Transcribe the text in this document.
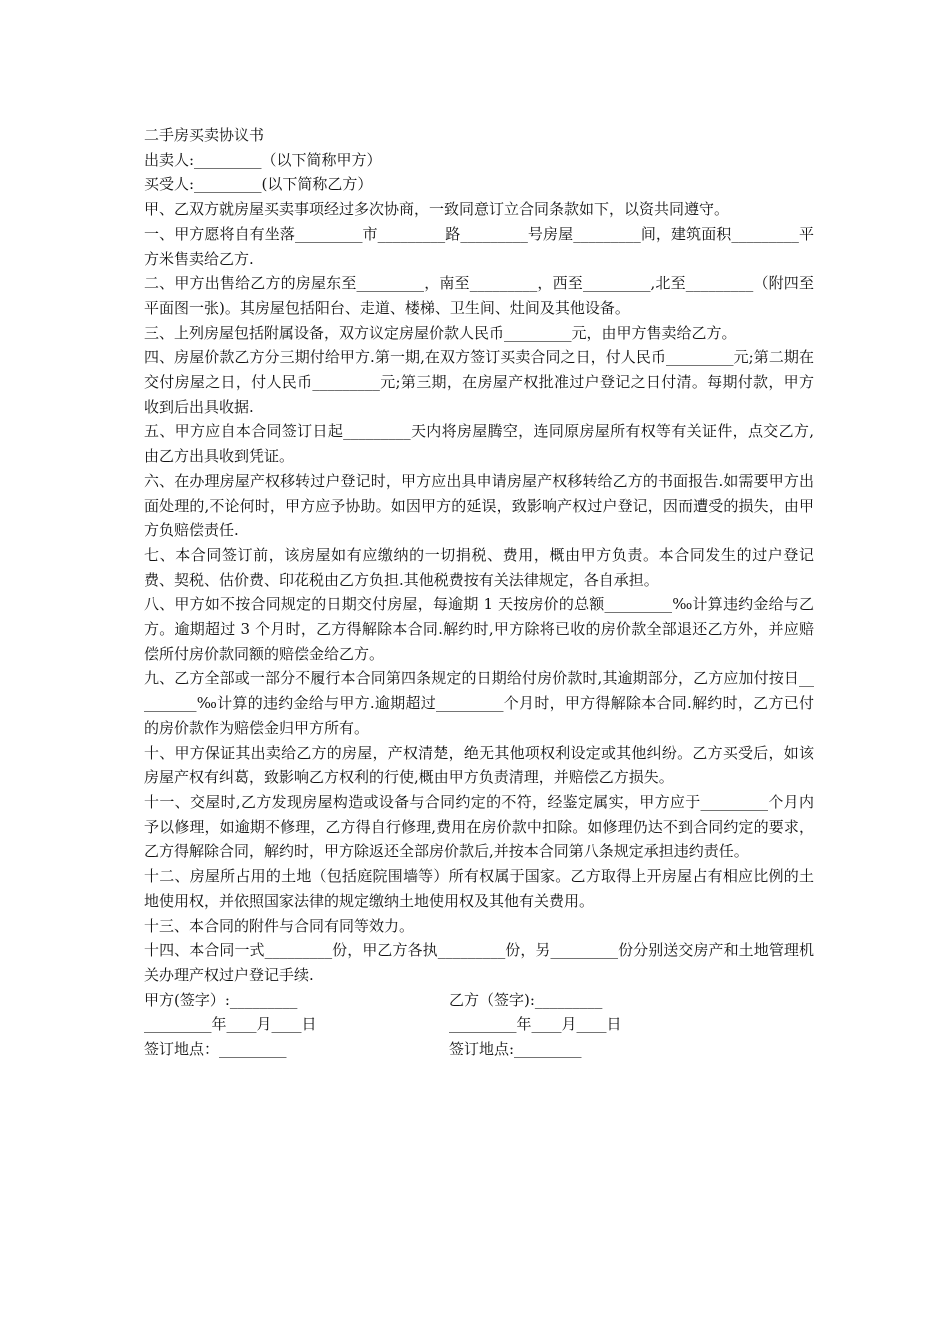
二手房买卖协议书

出卖人:_________（以下简称甲方）

买受人:_________(以下简称乙方）

甲、乙双方就房屋买卖事项经过多次协商，一致同意订立合同条款如下，以资共同遵守。

一、甲方愿将自有坐落_________市_________路_________号房屋_________间，建筑面积_________平方米售卖给乙方.

二、甲方出售给乙方的房屋东至_________，南至_________，西至_________,北至_________（附四至平面图一张)。其房屋包括阳台、走道、楼梯、卫生间、灶间及其他设备。

三、上列房屋包括附属设备，双方议定房屋价款人民币_________元，由甲方售卖给乙方。

四、房屋价款乙方分三期付给甲方.第一期,在双方签订买卖合同之日，付人民币_________元;第二期在交付房屋之日，付人民币_________元;第三期，在房屋产权批准过户登记之日付清。每期付款，甲方收到后出具收据.

五、甲方应自本合同签订日起_________天内将房屋腾空，连同原房屋所有权等有关证件，点交乙方,由乙方出具收到凭证。

六、在办理房屋产权移转过户登记时，甲方应出具申请房屋产权移转给乙方的书面报告.如需要甲方出面处理的,不论何时，甲方应予协助。如因甲方的延误，致影响产权过户登记，因而遭受的损失，由甲方负赔偿责任.

七、本合同签订前，该房屋如有应缴纳的一切捐税、费用，概由甲方负责。本合同发生的过户登记费、契税、估价费、印花税由乙方负担.其他税费按有关法律规定，各自承担。

八、甲方如不按合同规定的日期交付房屋，每逾期 1 天按房价的总额_________‰计算违约金给与乙方。逾期超过 3 个月时，乙方得解除本合同.解约时,甲方除将已收的房价款全部退还乙方外，并应赔偿所付房价款同额的赔偿金给乙方。

九、乙方全部或一部分不履行本合同第四条规定的日期给付房价款时,其逾期部分，乙方应加付按日_________‰计算的违约金给与甲方.逾期超过_________个月时，甲方得解除本合同.解约时，乙方已付的房价款作为赔偿金归甲方所有。

十、甲方保证其出卖给乙方的房屋，产权清楚，绝无其他项权利设定或其他纠纷。乙方买受后，如该房屋产权有纠葛，致影响乙方权利的行使,概由甲方负责清理，并赔偿乙方损失。

十一、交屋时,乙方发现房屋构造或设备与合同约定的不符，经鉴定属实，甲方应于_________个月内予以修理，如逾期不修理，乙方得自行修理,费用在房价款中扣除。如修理仍达不到合同约定的要求，乙方得解除合同，解约时，甲方除返还全部房价款后,并按本合同第八条规定承担违约责任。

十二、房屋所占用的土地（包括庭院围墙等）所有权属于国家。乙方取得上开房屋占有相应比例的土地使用权，并依照国家法律的规定缴纳土地使用权及其他有关费用。

十三、本合同的附件与合同有同等效力。

十四、本合同一式_________份，甲乙方各执_________份，另_________份分别送交房产和土地管理机关办理产权过户登记手续.

甲方(签字）:_________	乙方（签字):_________
_________年____月____日	_________年____月____日
签订地点：_________	签订地点:_________
